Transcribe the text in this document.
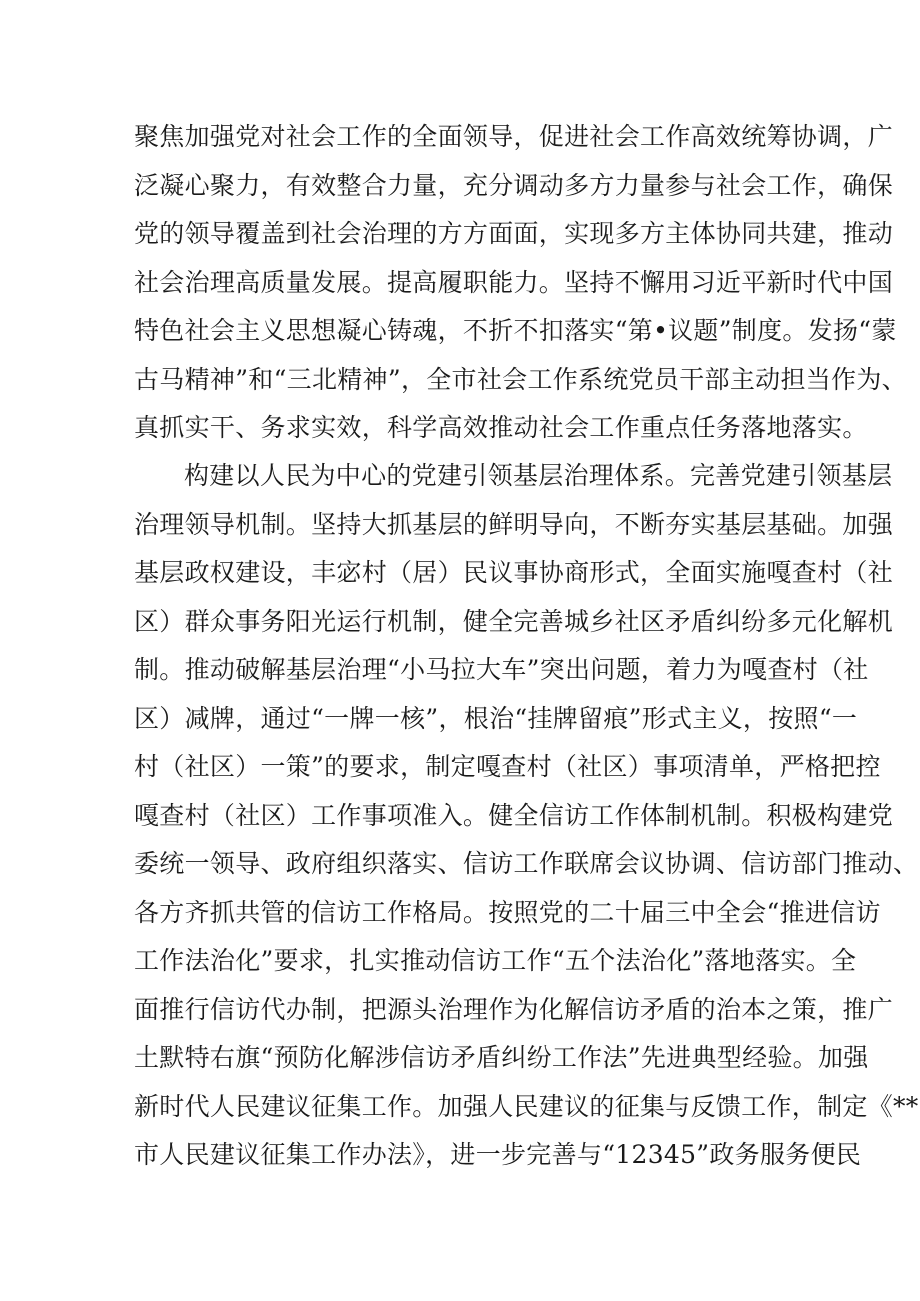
聚焦加强党对社会工作的全面领导，促进社会工作高效统筹协调，广
泛凝心聚力，有效整合力量，充分调动多方力量参与社会工作，确保
党的领导覆盖到社会治理的方方面面，实现多方主体协同共建，推动
社会治理高质量发展。提高履职能力。坚持不懈用习近平新时代中国
特色社会主义思想凝心铸魂，不折不扣落实“第•议题”制度。发扬“蒙
古马精神”和“三北精神”，全市社会工作系统党员干部主动担当作为、
真抓实干、务求实效，科学高效推动社会工作重点任务落地落实。
构建以人民为中心的党建引领基层治理体系。完善党建引领基层
治理领导机制。坚持大抓基层的鲜明导向，不断夯实基层基础。加强
基层政权建设，丰宓村（居）民议事协商形式，全面实施嘎查村（社
区）群众事务阳光运行机制，健全完善城乡社区矛盾纠纷多元化解机
制。推动破解基层治理“小马拉大车”突出问题，着力为嘎查村（社
区）减牌，通过“一牌一核”，根治“挂牌留痕”形式主义，按照“一
村（社区）一策”的要求，制定嘎查村（社区）事项清单，严格把控
嘎查村（社区）工作事项准入。健全信访工作体制机制。积极构建党
委统一领导、政府组织落实、信访工作联席会议协调、信访部门推动、
各方齐抓共管的信访工作格局。按照党的二十届三中全会“推进信访
工作法治化”要求，扎实推动信访工作“五个法治化”落地落实。全
面推行信访代办制，把源头治理作为化解信访矛盾的治本之策，推广
土默特右旗“预防化解涉信访矛盾纠纷工作法”先进典型经验。加强
新时代人民建议征集工作。加强人民建议的征集与反馈工作，制定《**
市人民建议征集工作办法》，进一步完善与“12345”政务服务便民
